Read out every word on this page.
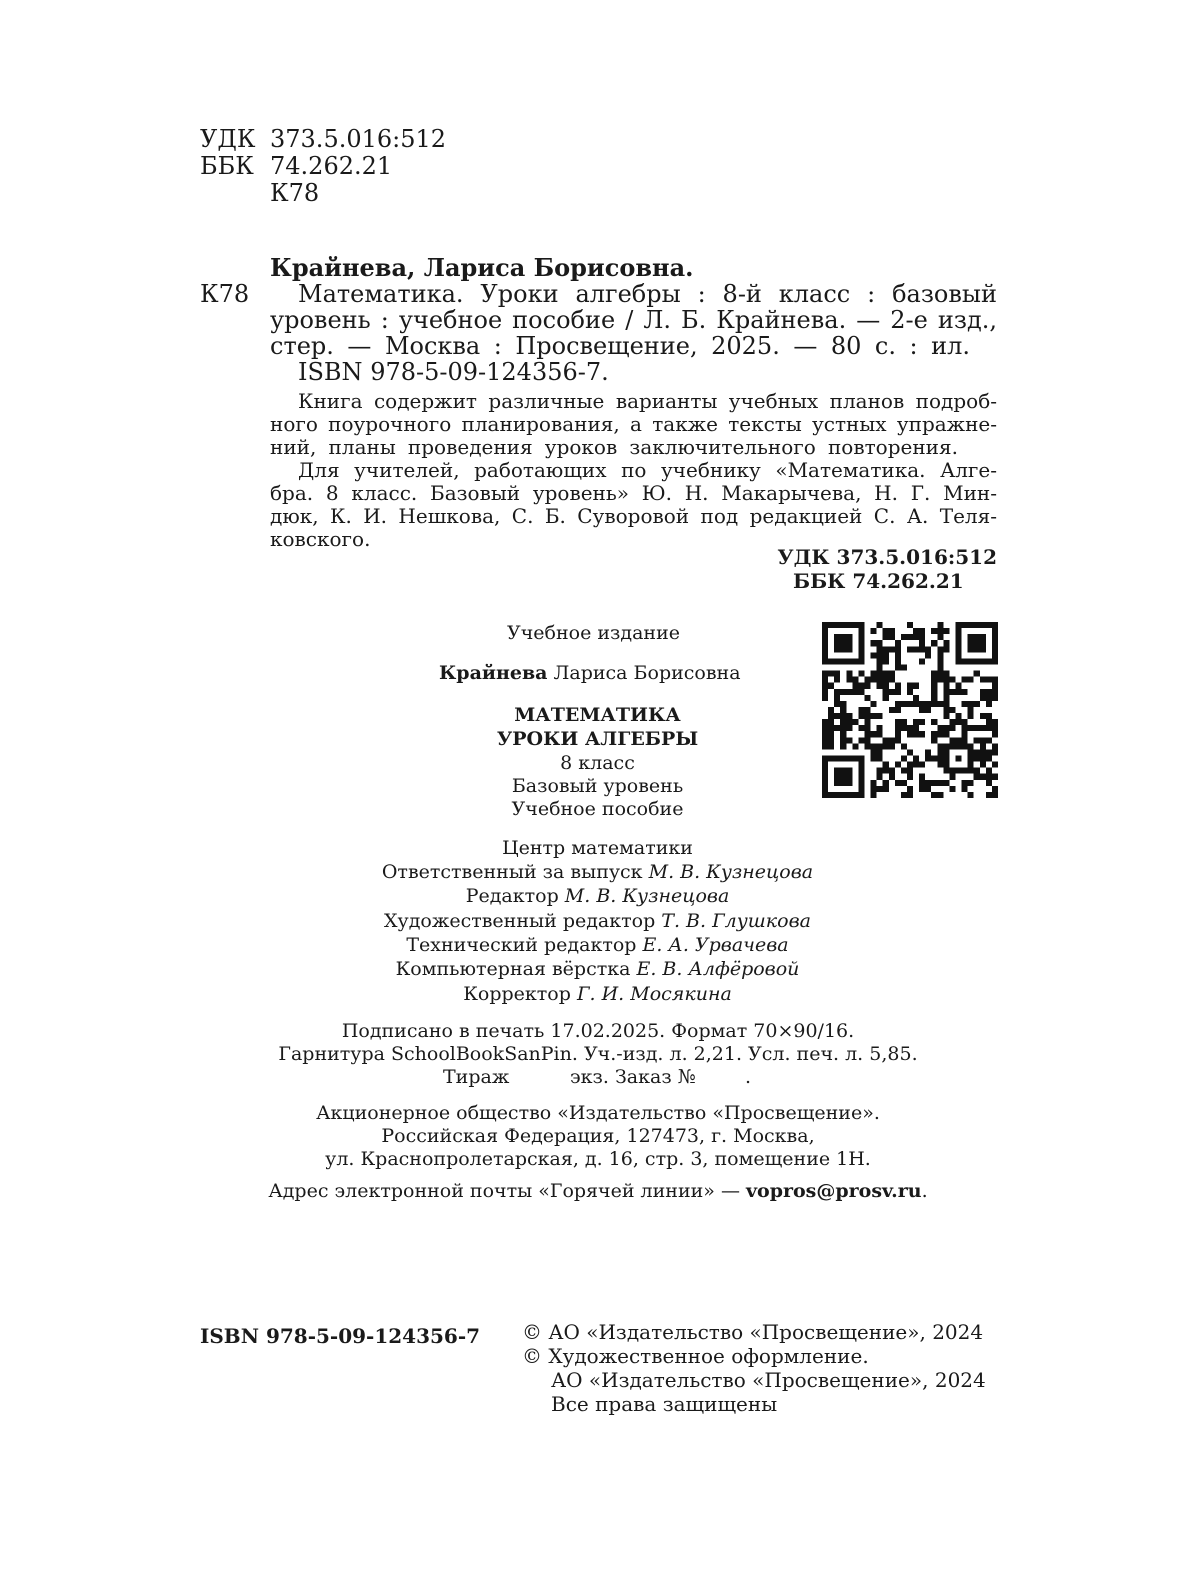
УДК 373.5.016:512
ББК 74.262.21
К78
Крайнева, Лариса Борисовна.
К78 Математика. Уроки алгебры : 8-й класс : базовый
уровень : учебное пособие / Л. Б. Крайнева. — 2-е изд.,
стер. — Москва : Просвещение, 2025. — 80 с. : ил.
ISBN 978-5-09-124356-7.
Книга содержит различные варианты учебных планов подроб-
ного поурочного планирования, а также тексты устных упражне-
ний, планы проведения уроков заключительного повторения.
Для учителей, работающих по учебнику «Математика. Алге-
бра. 8 класс. Базовый уровень» Ю. Н. Макарычева, Н. Г. Мин-
дюк, К. И. Нешкова, С. Б. Суворовой под редакцией С. А. Теля-
ковского.
УДК 373.5.016:512
ББК 74.262.21
Учебное издание
Крайнева Лариса Борисовна
МАТЕМАТИКА
УРОКИ АЛГЕБРЫ
8 класс
Базовый уровень
Учебное пособие
Центр математики
Ответственный за выпуск М. В. Кузнецова
Редактор М. В. Кузнецова
Художественный редактор Т. В. Глушкова
Технический редактор Е. А. Урвачева
Компьютерная вёрстка Е. В. Алфёровой
Корректор Г. И. Мосякина
Подписано в печать 17.02.2025. Формат 70×90/16.
Гарнитура SchoolBookSanPin. Уч.-изд. л. 2,21. Усл. печ. л. 5,85.
Тираж	экз. Заказ №	.
Акционерное общество «Издательство «Просвещение».
Российская Федерация, 127473, г. Москва,
ул. Краснопролетарская, д. 16, стр. 3, помещение 1Н.
Адрес электронной почты «Горячей линии» — vopros@prosv.ru.
ISBN 978-5-09-124356-7 © АО «Издательство «Просвещение», 2024
© Художественное оформление.
АО «Издательство «Просвещение», 2024
Все права защищены
